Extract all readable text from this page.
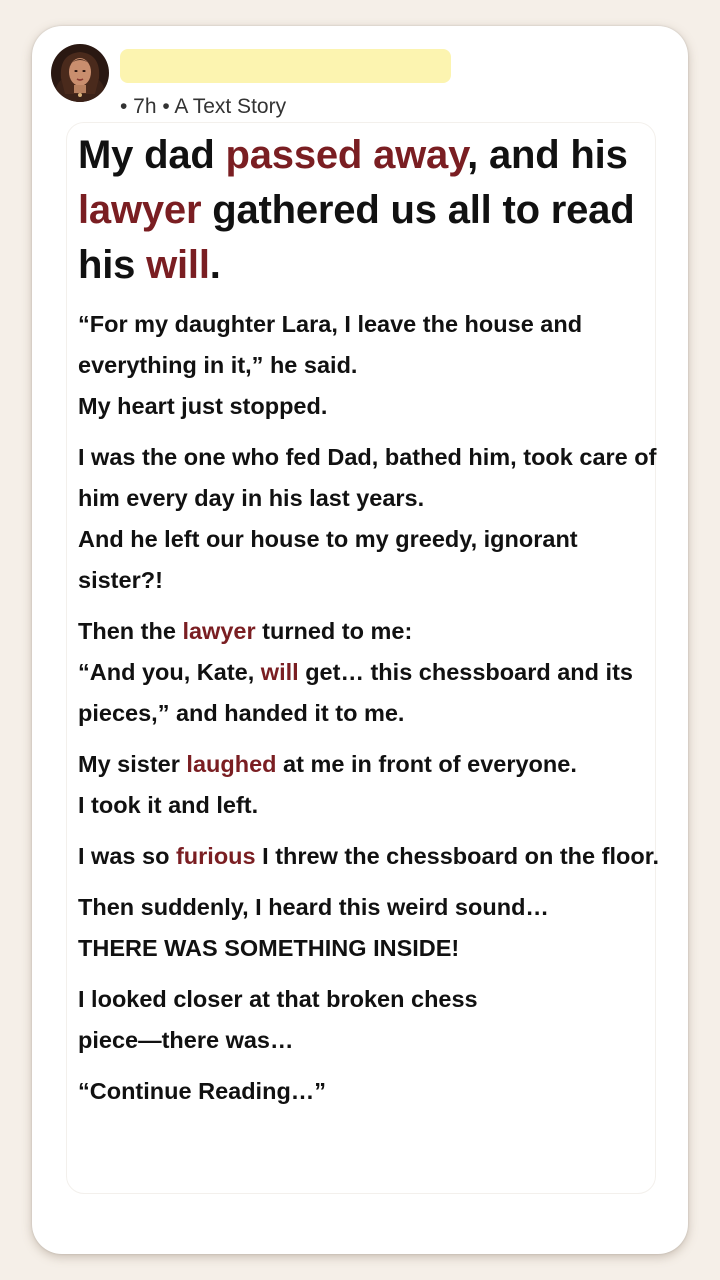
• 7h • A Text Story
My dad passed away, and his lawyer gathered us all to read his will.

“For my daughter Lara, I leave the house and everything in it,” he said.
My heart just stopped.

I was the one who fed Dad, bathed him, took care of him every day in his last years.
And he left our house to my greedy, ignorant sister?!

Then the lawyer turned to me:
“And you, Kate, will get… this chessboard and its pieces,” and handed it to me.

My sister laughed at me in front of everyone.
I took it and left.

I was so furious I threw the chessboard on the floor.

Then suddenly, I heard this weird sound…
THERE WAS SOMETHING INSIDE!

I looked closer at that broken chess piece—there was…

“Continue Reading…”
